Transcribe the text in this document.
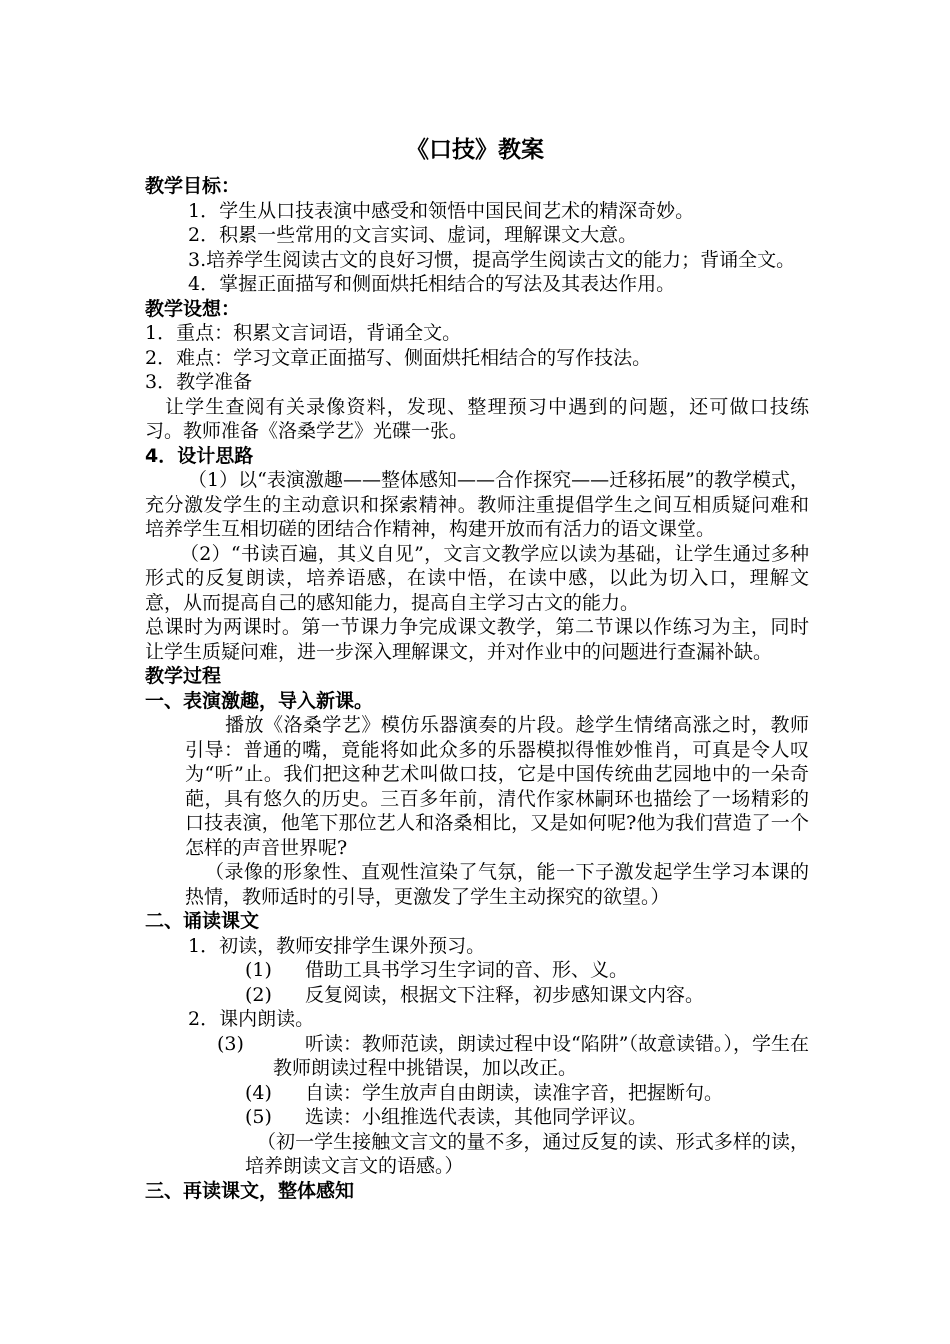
《口技》教案

教学目标：

1．学生从口技表演中感受和领悟中国民间艺术的精深奇妙。

2．积累一些常用的文言实词、虚词，理解课文大意。

3.培养学生阅读古文的良好习惯，提高学生阅读古文的能力；背诵全文。

4．掌握正面描写和侧面烘托相结合的写法及其表达作用。

教学设想：

1．重点：积累文言词语，背诵全文。

2．难点：学习文章正面描写、侧面烘托相结合的写作技法。

3．教学准备

让学生查阅有关录像资料，发现、整理预习中遇到的问题，还可做口技练习。教师准备《洛桑学艺》光碟一张。

4．设计思路

（1）以“表演激趣——整体感知——合作探究——迁移拓展”的教学模式，充分激发学生的主动意识和探索精神。教师注重提倡学生之间互相质疑问难和培养学生互相切磋的团结合作精神，构建开放而有活力的语文课堂。

（2）“书读百遍，其义自见”，文言文教学应以读为基础，让学生通过多种形式的反复朗读，培养语感，在读中悟，在读中感，以此为切入口，理解文意，从而提高自己的感知能力，提高自主学习古文的能力。

总课时为两课时。第一节课力争完成课文教学，第二节课以作练习为主，同时让学生质疑问难，进一步深入理解课文，并对作业中的问题进行查漏补缺。

教学过程

一、表演激趣，导入新课。

播放《洛桑学艺》模仿乐器演奏的片段。趁学生情绪高涨之时，教师引导：普通的嘴，竟能将如此众多的乐器模拟得惟妙惟肖，可真是令人叹为“听”止。我们把这种艺术叫做口技，它是中国传统曲艺园地中的一朵奇葩，具有悠久的历史。三百多年前，清代作家林嗣环也描绘了一场精彩的口技表演，他笔下那位艺人和洛桑相比，又是如何呢?他为我们营造了一个怎样的声音世界呢?

（录像的形象性、直观性渲染了气氛，能一下子激发起学生学习本课的热情，教师适时的引导，更激发了学生主动探究的欲望。）

二、诵读课文

1．初读，教师安排学生课外预习。

(1) 借助工具书学习生字词的音、形、义。

(2) 反复阅读，根据文下注释，初步感知课文内容。

2．课内朗读。

(3)	听读：教师范读，朗读过程中设“陷阱”（故意读错。），学生在教师朗读过程中挑错误，加以改正。

(4) 自读：学生放声自由朗读，读准字音，把握断句。

(5) 选读：小组推选代表读，其他同学评议。

（初一学生接触文言文的量不多，通过反复的读、形式多样的读，培养朗读文言文的语感。）

三、再读课文，整体感知
